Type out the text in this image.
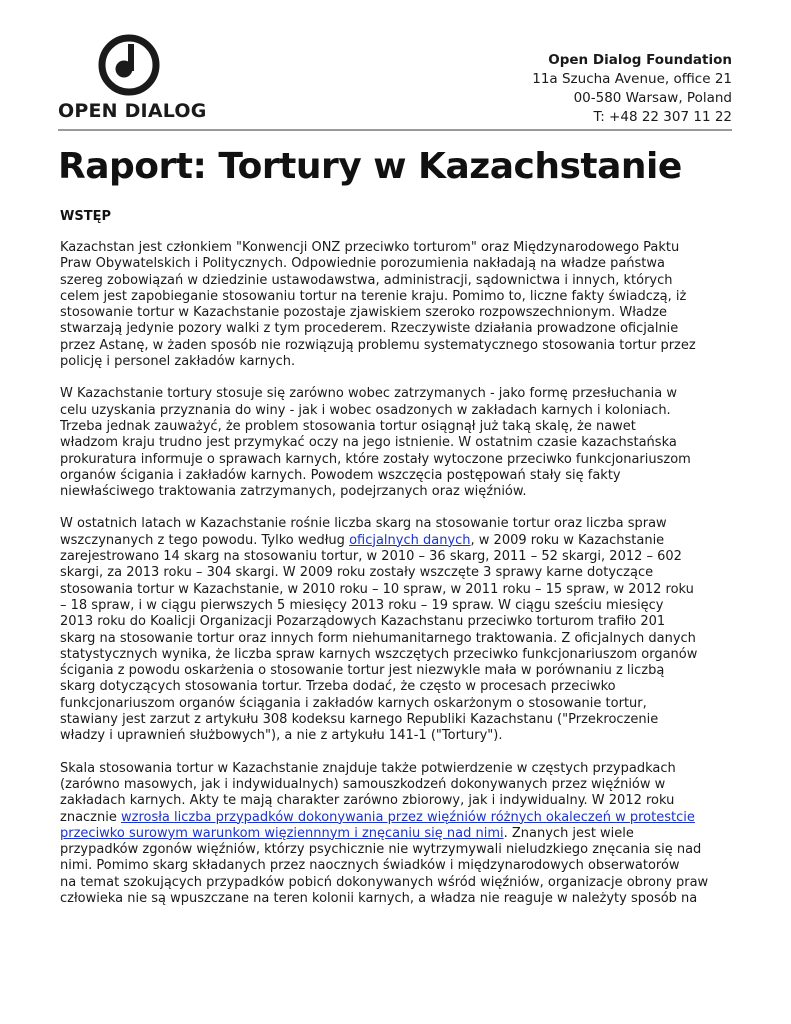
OPEN DIALOG
Open Dialog Foundation
11a Szucha Avenue, office 21
00-580 Warsaw, Poland
T: +48 22 307 11 22
Raport: Tortury w Kazachstanie
WSTĘP

Kazachstan jest członkiem "Konwencji ONZ przeciwko torturom" oraz Międzynarodowego Paktu
Praw Obywatelskich i Politycznych. Odpowiednie porozumienia nakładają na władze państwa
szereg zobowiązań w dziedzinie ustawodawstwa, administracji, sądownictwa i innych, których
celem jest zapobieganie stosowaniu tortur na terenie kraju. Pomimo to, liczne fakty świadczą, iż
stosowanie tortur w Kazachstanie pozostaje zjawiskiem szeroko rozpowszechnionym. Władze
stwarzają jedynie pozory walki z tym procederem. Rzeczywiste działania prowadzone oficjalnie
przez Astanę, w żaden sposób nie rozwiązują problemu systematycznego stosowania tortur przez
policję i personel zakładów karnych.

W Kazachstanie tortury stosuje się zarówno wobec zatrzymanych - jako formę przesłuchania w
celu uzyskania przyznania do winy - jak i wobec osadzonych w zakładach karnych i koloniach.
Trzeba jednak zauważyć, że problem stosowania tortur osiągnął już taką skalę, że nawet
władzom kraju trudno jest przymykać oczy na jego istnienie. W ostatnim czasie kazachstańska
prokuratura informuje o sprawach karnych, które zostały wytoczone przeciwko funkcjonariuszom
organów ścigania i zakładów karnych. Powodem wszczęcia postępowań stały się fakty
niewłaściwego traktowania zatrzymanych, podejrzanych oraz więźniów.

W ostatnich latach w Kazachstanie rośnie liczba skarg na stosowanie tortur oraz liczba spraw
wszczynanych z tego powodu. Tylko według oficjalnych danych, w 2009 roku w Kazachstanie
zarejestrowano 14 skarg na stosowaniu tortur, w 2010 – 36 skarg, 2011 – 52 skargi, 2012 – 602
skargi, za 2013 roku – 304 skargi. W 2009 roku zostały wszczęte 3 sprawy karne dotyczące
stosowania tortur w Kazachstanie, w 2010 roku – 10 spraw, w 2011 roku – 15 spraw, w 2012 roku
– 18 spraw, i w ciągu pierwszych 5 miesięcy 2013 roku – 19 spraw. W ciągu sześciu miesięcy
2013 roku do Koalicji Organizacji Pozarządowych Kazachstanu przeciwko torturom trafiło 201
skarg na stosowanie tortur oraz innych form niehumanitarnego traktowania. Z oficjalnych danych
statystycznych wynika, że liczba spraw karnych wszczętych przeciwko funkcjonariuszom organów
ścigania z powodu oskarżenia o stosowanie tortur jest niezwykle mała w porównaniu z liczbą
skarg dotyczących stosowania tortur. Trzeba dodać, że często w procesach przeciwko
funkcjonariuszom organów ściągania i zakładów karnych oskarżonym o stosowanie tortur,
stawiany jest zarzut z artykułu 308 kodeksu karnego Republiki Kazachstanu ("Przekroczenie
władzy i uprawnień służbowych"), a nie z artykułu 141-1 ("Tortury").

Skala stosowania tortur w Kazachstanie znajduje także potwierdzenie w częstych przypadkach
(zarówno masowych, jak i indywidualnych) samouszkodzeń dokonywanych przez więźniów w
zakładach karnych. Akty te mają charakter zarówno zbiorowy, jak i indywidualny. W 2012 roku
znacznie wzrosła liczba przypadków dokonywania przez więźniów różnych okaleczeń w protestcie
przeciwko surowym warunkom więziennnym i znęcaniu się nad nimi. Znanych jest wiele
przypadków zgonów więźniów, którzy psychicznie nie wytrzymywali nieludzkiego znęcania się nad
nimi. Pomimo skarg składanych przez naocznych świadków i międzynarodowych obserwatorów
na temat szokujących przypadków pobicń dokonywanych wśród więźniów, organizacje obrony praw
człowieka nie są wpuszczane na teren kolonii karnych, a władza nie reaguje w należyty sposób na
